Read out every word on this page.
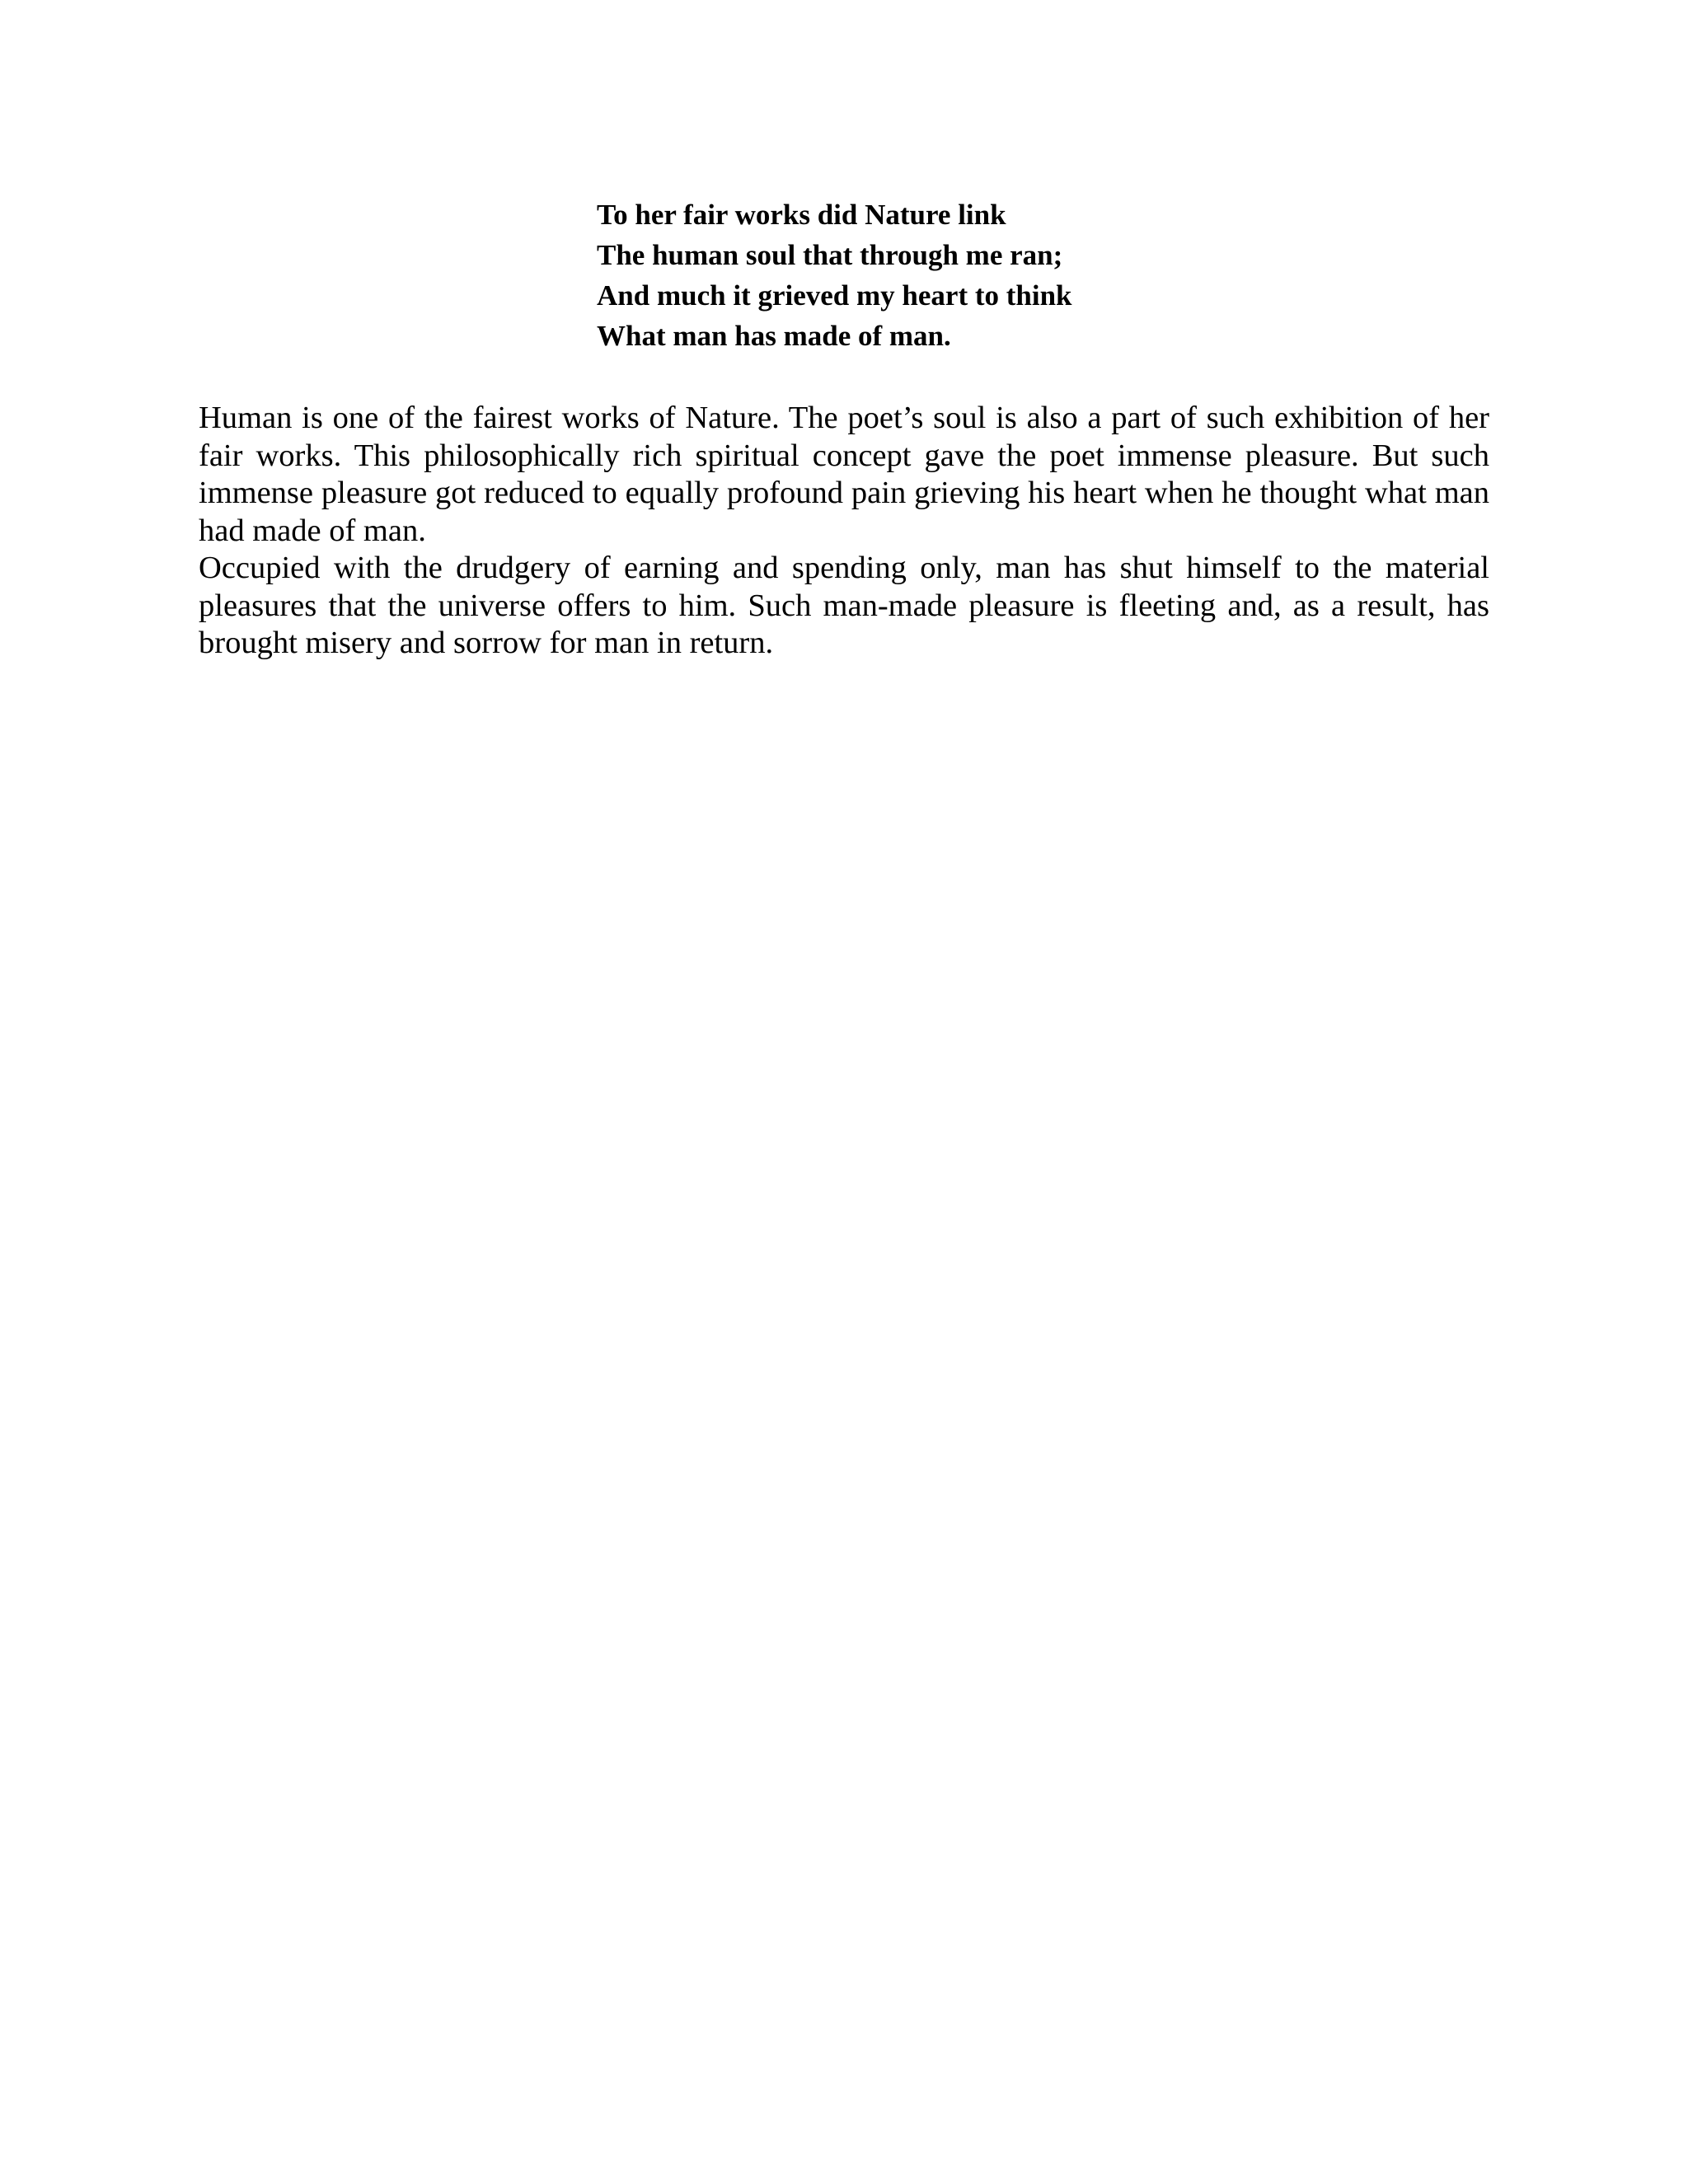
To her fair works did Nature link
The human soul that through me ran;
And much it grieved my heart to think
What man has made of man.

Human is one of the fairest works of Nature. The poet’s soul is also a part of such exhibition of her fair works. This philosophically rich spiritual concept gave the poet immense pleasure. But such immense pleasure got reduced to equally profound pain grieving his heart when he thought what man had made of man.

Occupied with the drudgery of earning and spending only, man has shut himself to the material pleasures that the universe offers to him. Such man-made pleasure is fleeting and, as a result, has brought misery and sorrow for man in return.
